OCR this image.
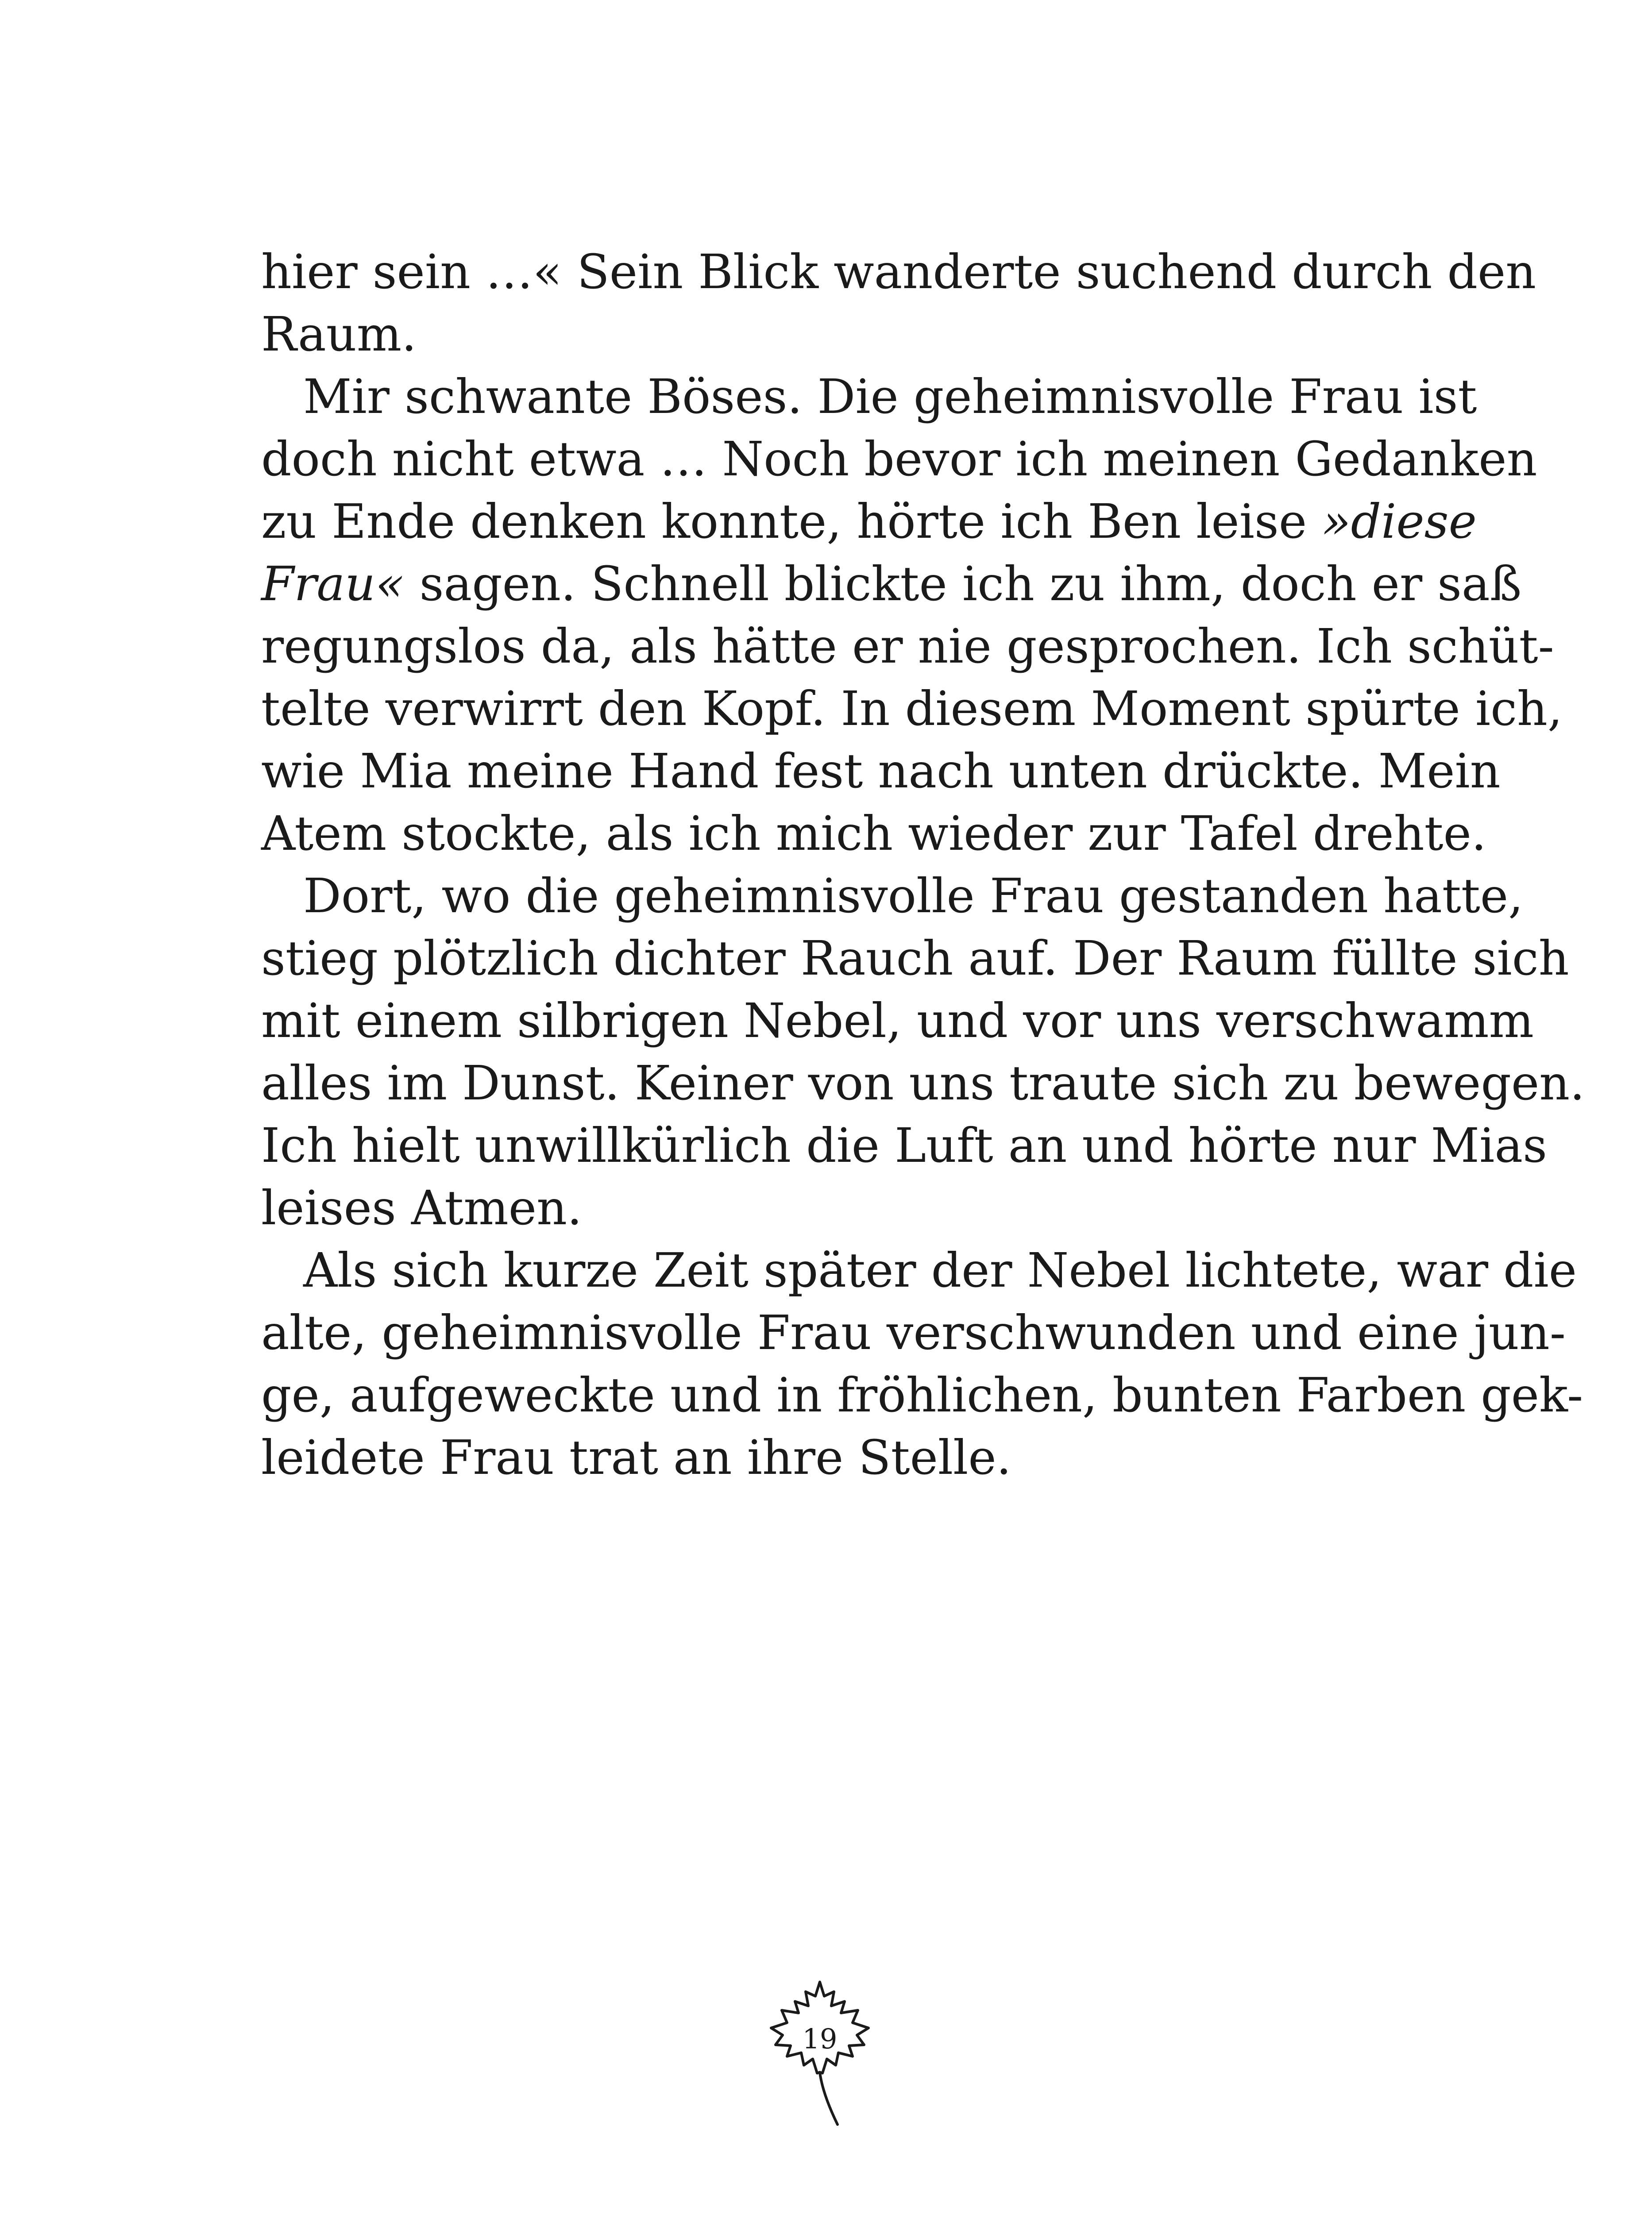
hier sein …« Sein Blick wanderte suchend durch den
Raum.
Mir schwante Böses. Die geheimnisvolle Frau ist
doch nicht etwa … Noch bevor ich meinen Gedanken
zu Ende denken konnte, hörte ich Ben leise »diese
Frau« sagen. Schnell blickte ich zu ihm, doch er saß
regungslos da, als hätte er nie gesprochen. Ich schüt-
telte verwirrt den Kopf. In diesem Moment spürte ich,
wie Mia meine Hand fest nach unten drückte. Mein
Atem stockte, als ich mich wieder zur Tafel drehte.
Dort, wo die geheimnisvolle Frau gestanden hatte,
stieg plötzlich dichter Rauch auf. Der Raum füllte sich
mit einem silbrigen Nebel, und vor uns verschwamm
alles im Dunst. Keiner von uns traute sich zu bewegen.
Ich hielt unwillkürlich die Luft an und hörte nur Mias
leises Atmen.
Als sich kurze Zeit später der Nebel lichtete, war die
alte, geheimnisvolle Frau verschwunden und eine jun-
ge, aufgeweckte und in fröhlichen, bunten Farben gek-
leidete Frau trat an ihre Stelle.
19
